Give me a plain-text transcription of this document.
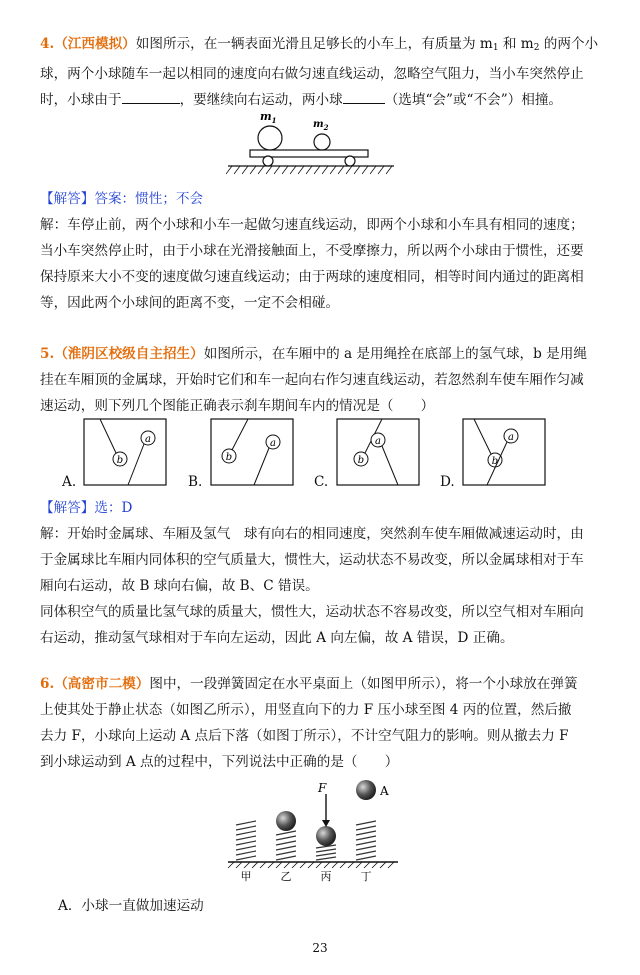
4.（江西模拟）如图所示，在一辆表面光滑且足够长的小车上，有质量为 $m_1$ 和 $m_2$ 的两个小
球，两个小球随车一起以相同的速度向右做匀速直线运动，忽略空气阻力，当小车突然停止
时，小球由于	，要继续向右运动，两小球	（选填“会”或“不会”）相撞。
$m_1$	$m_2$
【解答】答案：惯性；不会
解：车停止前，两个小球和小车一起做匀速直线运动，即两个小球和小车具有相同的速度；
当小车突然停止时，由于小球在光滑接触面上，不受摩擦力，所以两个小球由于惯性，还要
保持原来大小不变的速度做匀速直线运动；由于两球的速度相同，相等时间内通过的距离相
等，因此两个小球间的距离不变，一定不会相碰。
5.（淮阴区校级自主招生）如图所示，在车厢中的 a 是用绳拴在底部上的氢气球，b 是用绳
挂在车厢顶的金属球，开始时它们和车一起向右作匀速直线运动，若忽然刹车使车厢作匀减
速运动，则下列几个图能正确表示刹车期间车内的情况是（　　）
b
a
b
a
b
a
b
a
A.	B.	C.	D.
【解答】选：D
解：开始时金属球、车厢及氢气　球有向右的相同速度，突然刹车使车厢做减速运动时，由
于金属球比车厢内同体积的空气质量大，惯性大，运动状态不易改变，所以金属球相对于车
厢向右运动，故 B 球向右偏，故 B、C 错误。
同体积空气的质量比氢气球的质量大，惯性大，运动状态不容易改变，所以空气相对车厢向
右运动，推动氢气球相对于车向左运动，因此 A 向左偏，故 A 错误，D 正确。
6.（高密市二模）图中，一段弹簧固定在水平桌面上（如图甲所示），将一个小球放在弹簧
上使其处于静止状态（如图乙所示），用竖直向下的力 F 压小球至图 4 丙的位置，然后撤
去力 F，小球向上运动 A 点后下落（如图丁所示），不计空气阻力的影响。则从撤去力 F
到小球运动到 A 点的过程中，下列说法中正确的是（　　）
F	A
甲	乙	丙	丁
A．小球一直做加速运动
23
